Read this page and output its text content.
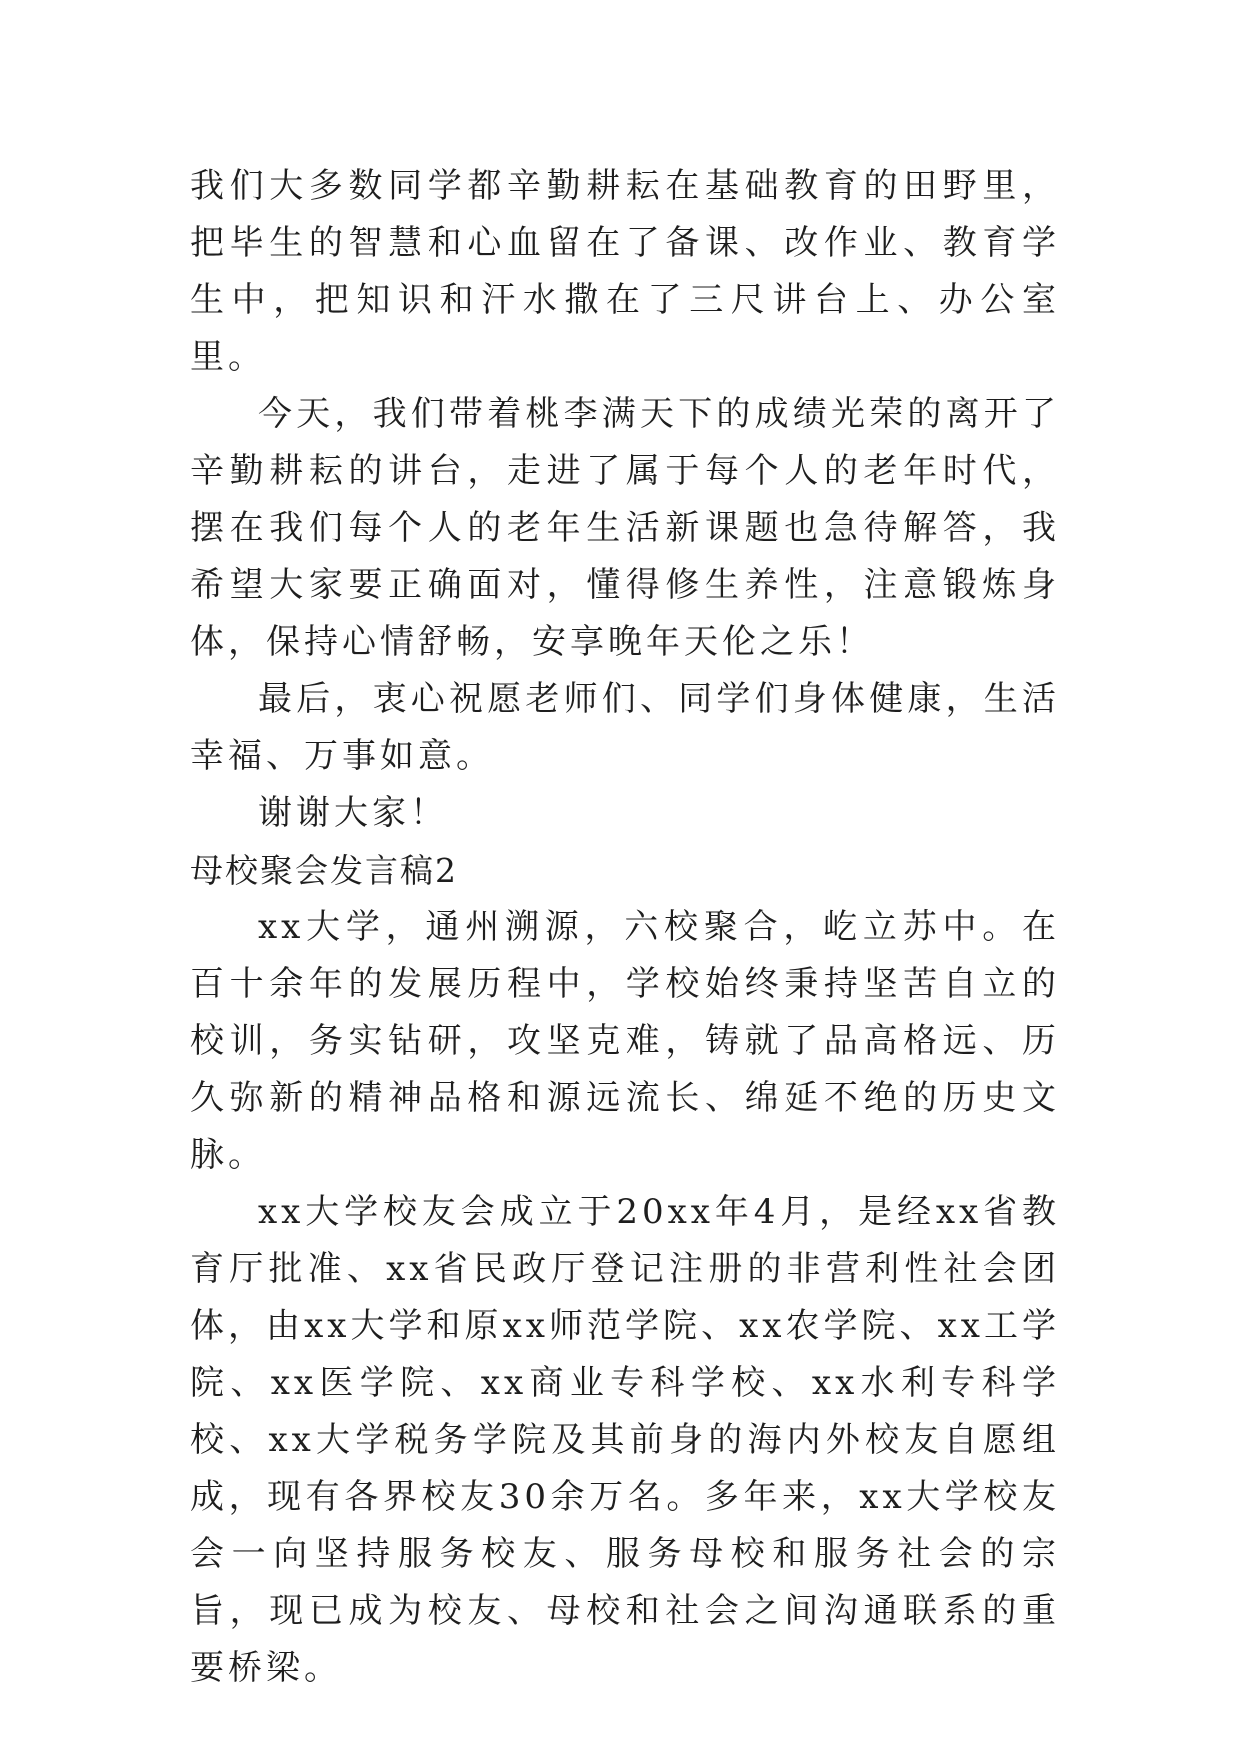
我们大多数同学都辛勤耕耘在基础教育的田野里，把毕生的智慧和心血留在了备课、改作业、教育学生中，把知识和汗水撒在了三尺讲台上、办公室里。

今天，我们带着桃李满天下的成绩光荣的离开了辛勤耕耘的讲台，走进了属于每个人的老年时代，摆在我们每个人的老年生活新课题也急待解答，我希望大家要正确面对，懂得修生养性，注意锻炼身体，保持心情舒畅，安享晚年天伦之乐！

最后，衷心祝愿老师们、同学们身体健康，生活幸福、万事如意。

谢谢大家！

母校聚会发言稿2

xx大学，通州溯源，六校聚合，屹立苏中。在百十余年的发展历程中，学校始终秉持坚苦自立的校训，务实钻研，攻坚克难，铸就了品高格远、历久弥新的精神品格和源远流长、绵延不绝的历史文脉。

xx大学校友会成立于20xx年4月，是经xx省教育厅批准、xx省民政厅登记注册的非营利性社会团体，由xx大学和原xx师范学院、xx农学院、xx工学院、xx医学院、xx商业专科学校、xx水利专科学校、xx大学税务学院及其前身的海内外校友自愿组成，现有各界校友30余万名。多年来，xx大学校友会一向坚持服务校友、服务母校和服务社会的宗旨，现已成为校友、母校和社会之间沟通联系的重要桥梁。
